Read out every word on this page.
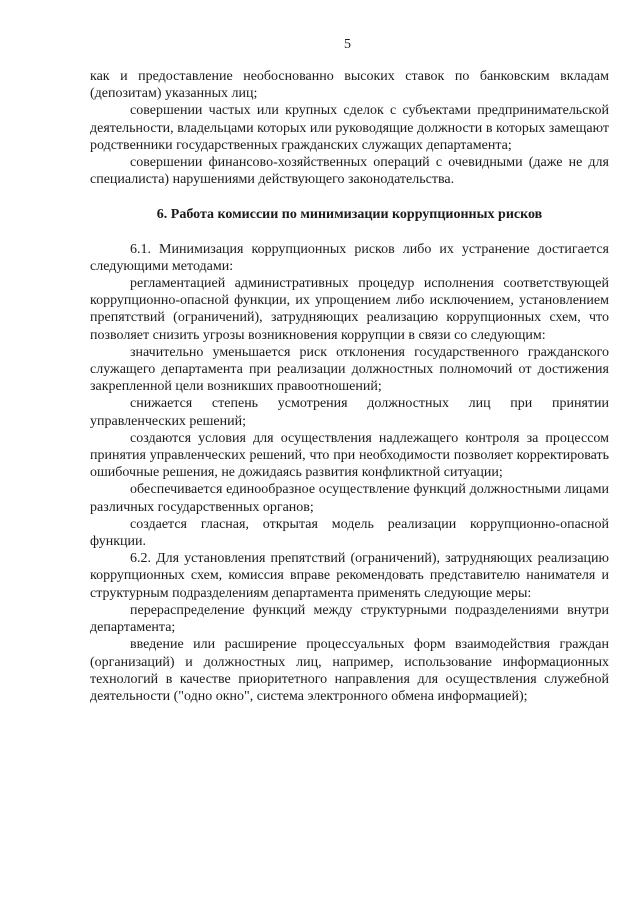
5

как и предоставление необоснованно высоких ставок по банковским вкладам (депозитам) указанных лиц;

совершении частых или крупных сделок с субъектами предпринимательской деятельности, владельцами которых или руководящие должности в которых замещают родственники государственных гражданских служащих департамента;

совершении финансово-хозяйственных операций с очевидными (даже не для специалиста) нарушениями действующего законодательства.

6. Работа комиссии по минимизации коррупционных рисков

6.1. Минимизация коррупционных рисков либо их устранение достигается следующими методами:

регламентацией административных процедур исполнения соответствующей коррупционно-опасной функции, их упрощением либо исключением, установлением препятствий (ограничений), затрудняющих реализацию коррупционных схем, что позволяет снизить угрозы возникновения коррупции в связи со следующим:

значительно уменьшается риск отклонения государственного гражданского служащего департамента при реализации должностных полномочий от достижения закрепленной цели возникших правоотношений;

снижается степень усмотрения должностных лиц при принятии управленческих решений;

создаются условия для осуществления надлежащего контроля за процессом принятия управленческих решений, что при необходимости позволяет корректировать ошибочные решения, не дожидаясь развития конфликтной ситуации;

обеспечивается единообразное осуществление функций должностными лицами различных государственных органов;

создается гласная, открытая модель реализации коррупционно-опасной функции.

6.2. Для установления препятствий (ограничений), затрудняющих реализацию коррупционных схем, комиссия вправе рекомендовать представителю нанимателя и структурным подразделениям департамента применять следующие меры:

перераспределение функций между структурными подразделениями внутри департамента;

введение или расширение процессуальных форм взаимодействия граждан (организаций) и должностных лиц, например, использование информационных технологий в качестве приоритетного направления для осуществления служебной деятельности ("одно окно", система электронного обмена информацией);
